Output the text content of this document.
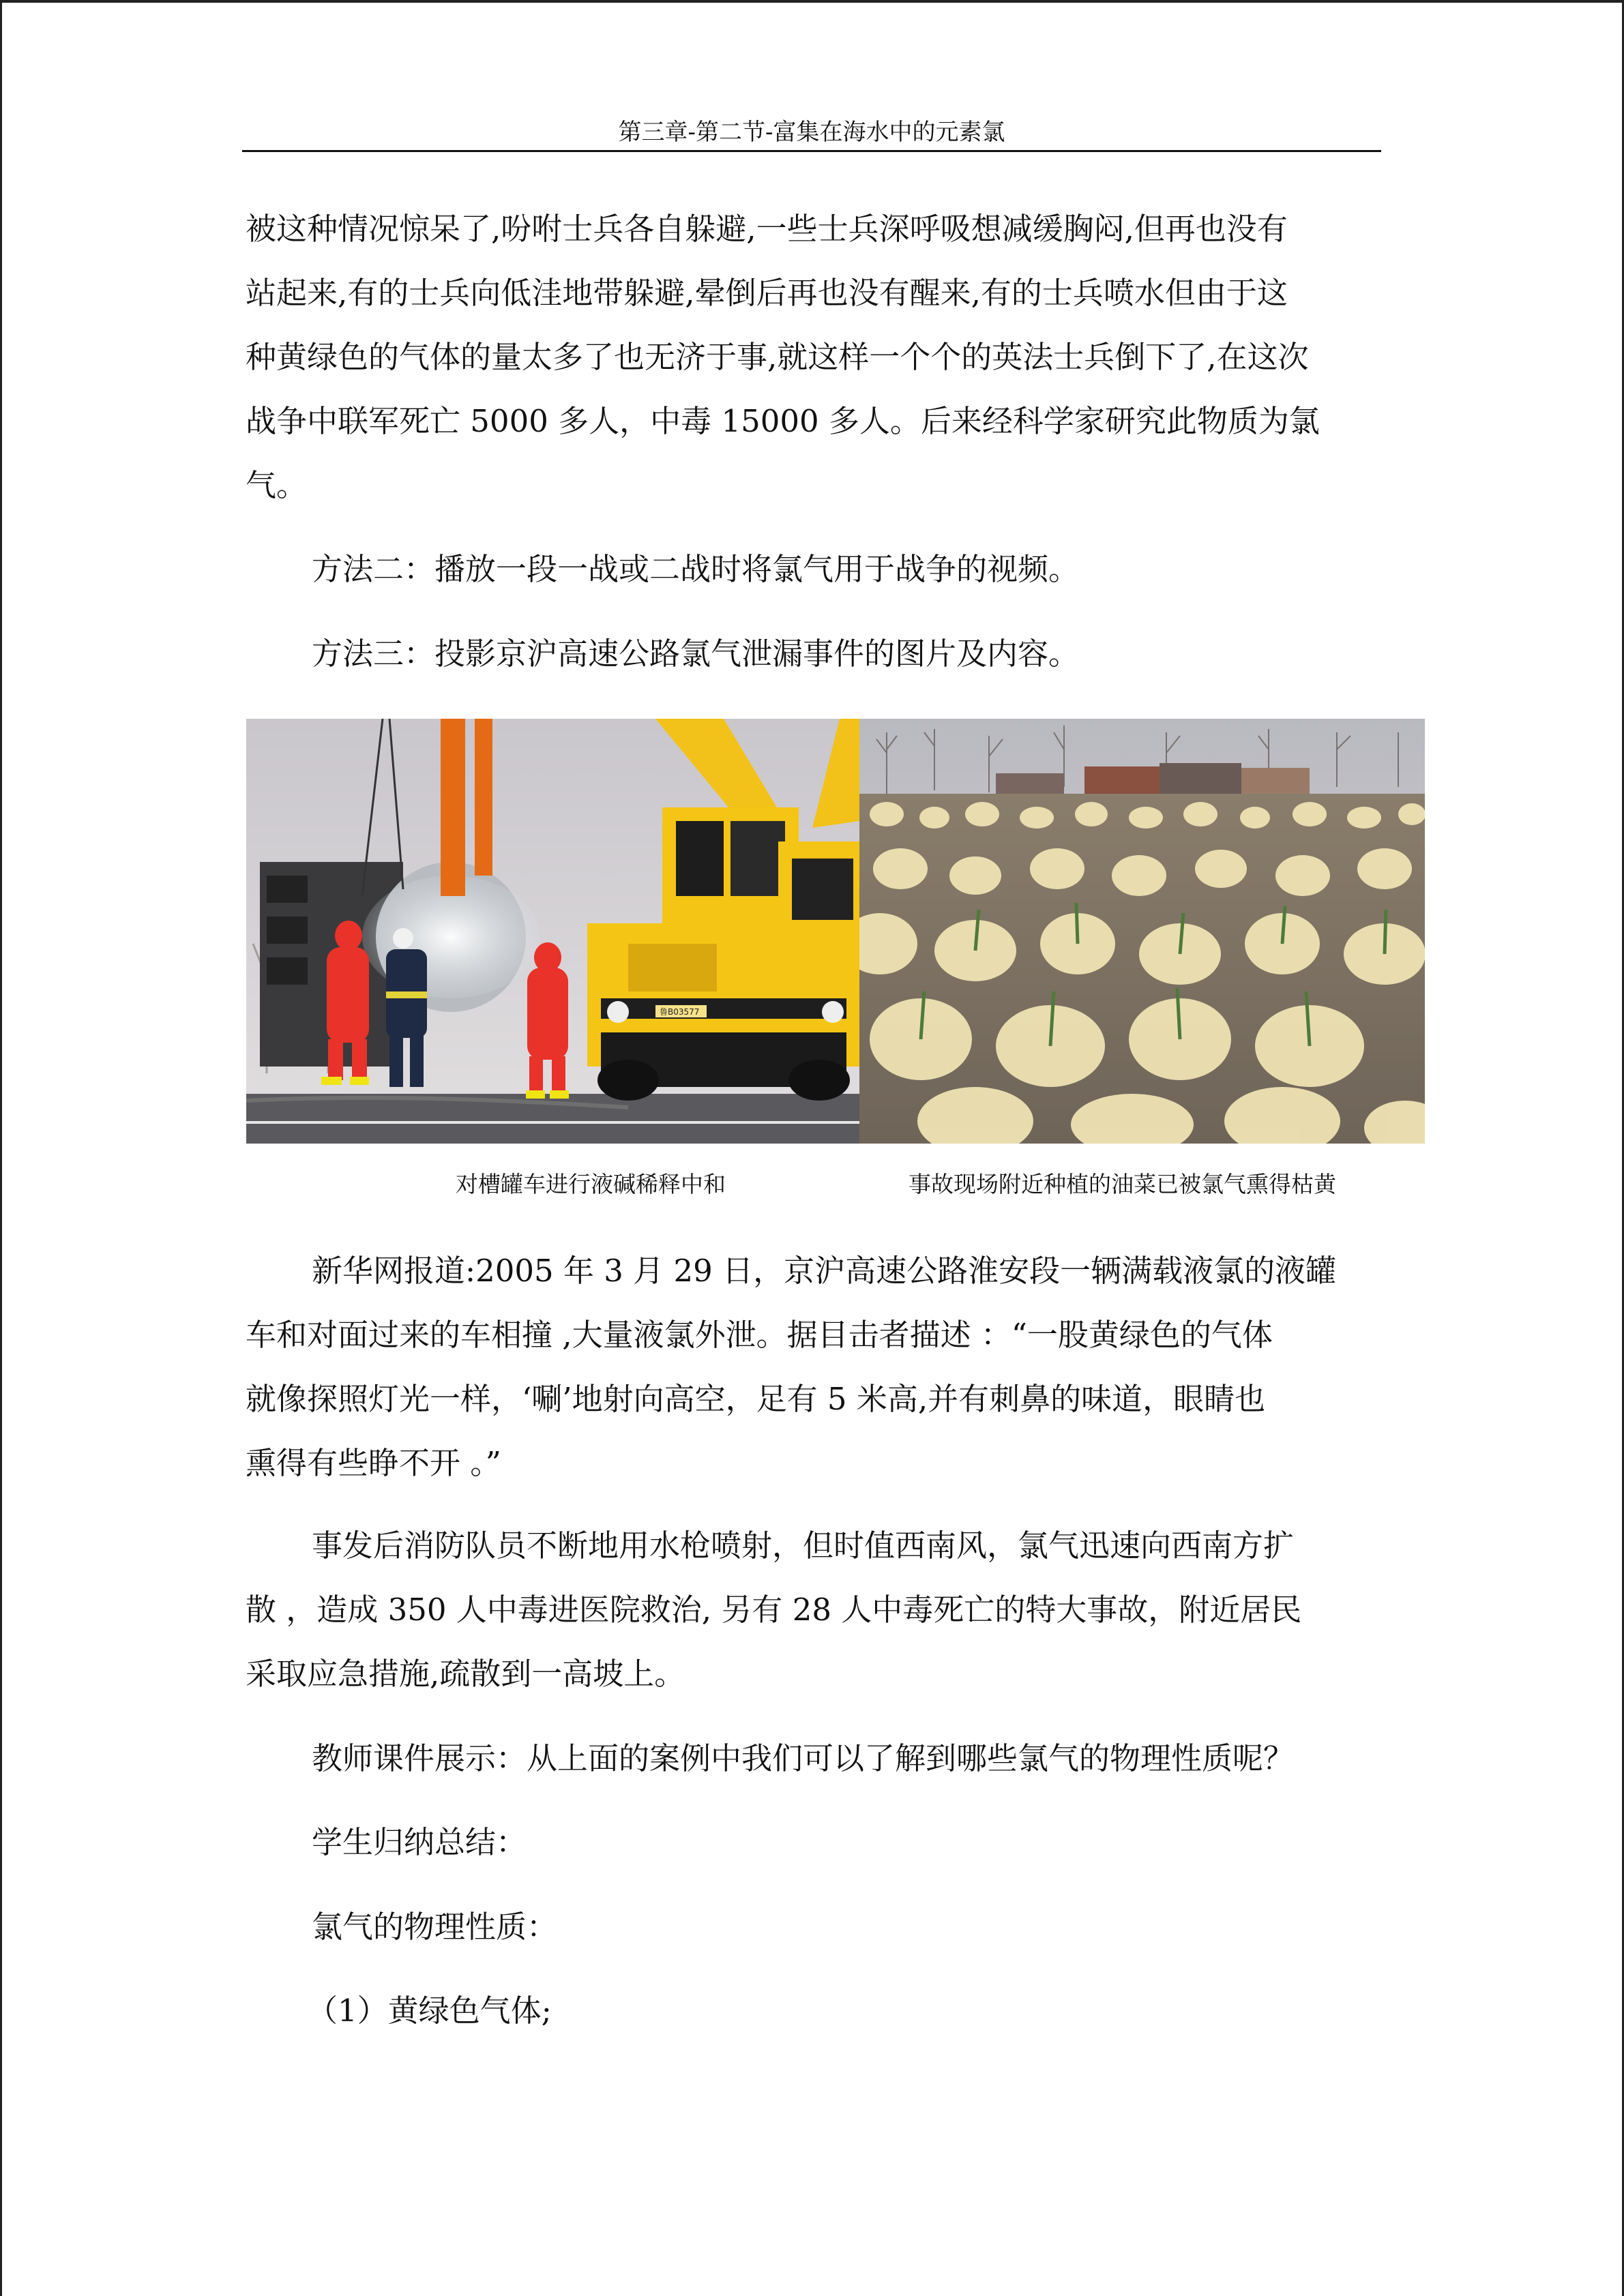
第三章-第二节-富集在海水中的元素氯

被这种情况惊呆了,吩咐士兵各自躲避,一些士兵深呼吸想减缓胸闷,但再也没有

站起来,有的士兵向低洼地带躲避,晕倒后再也没有醒来,有的士兵喷水但由于这

种黄绿色的气体的量太多了也无济于事,就这样一个个的英法士兵倒下了,在这次

战争中联军死亡 5000 多人，中毒 15000 多人。后来经科学家研究此物质为氯

气。

方法二：播放一段一战或二战时将氯气用于战争的视频。

方法三：投影京沪高速公路氯气泄漏事件的图片及内容。

鲁B03577
对槽罐车进行液碱稀释中和	事故现场附近种植的油菜已被氯气熏得枯黄

新华网报道:2005 年 3 月 29 日，京沪高速公路淮安段一辆满载液氯的液罐

车和对面过来的车相撞 ,大量液氯外泄。据目击者描述 ：“一股黄绿色的气体

就像探照灯光一样，‘唰’地射向高空，足有 5 米高,并有刺鼻的味道，眼睛也

熏得有些睁不开 。”

事发后消防队员不断地用水枪喷射，但时值西南风，氯气迅速向西南方扩

散 ，造成 350 人中毒进医院救治, 另有 28 人中毒死亡的特大事故，附近居民

采取应急措施,疏散到一高坡上。

教师课件展示：从上面的案例中我们可以了解到哪些氯气的物理性质呢？

学生归纳总结：

氯气的物理性质：

（1）黄绿色气体;
